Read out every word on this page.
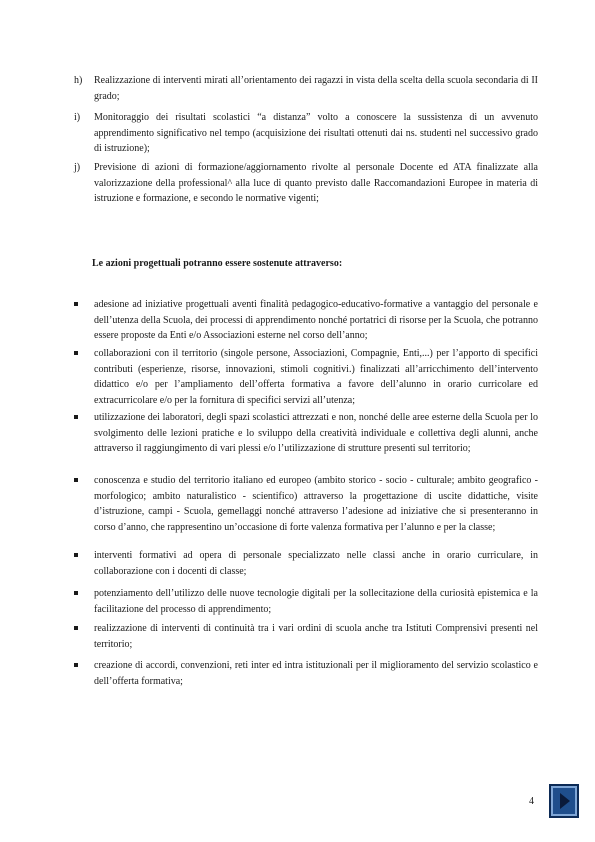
h) Realizzazione di interventi mirati all’orientamento dei ragazzi in vista della scelta della scuola secondaria di II grado;
i) Monitoraggio dei risultati scolastici “a distanza” volto a conoscere la sussistenza di un avvenuto apprendimento significativo nel tempo (acquisizione dei risultati ottenuti dai ns. studenti nel successivo grado di istruzione);
j) Previsione di azioni di formazione/aggiornamento rivolte al personale Docente ed ATA finalizzate alla valorizzazione della professional^ alla luce di quanto previsto dalle Raccomandazioni Europee in materia di istruzione e formazione, e secondo le normative vigenti;
Le azioni progettuali potranno essere sostenute attraverso:
adesione ad iniziative progettuali aventi finalità pedagogico-educativo-formative a vantaggio del personale e dell’utenza della Scuola, dei processi di apprendimento nonché portatrici di risorse per la Scuola, che potranno essere proposte da Enti e/o Associazioni esterne nel corso dell’anno;
collaborazioni con il territorio (singole persone, Associazioni, Compagnie, Enti,...) per l’apporto di specifici contributi (esperienze, risorse, innovazioni, stimoli cognitivi.) finalizzati all’arricchimento dell’intervento didattico e/o per l’ampliamento dell’offerta formativa a favore dell’alunno in orario curricolare ed extracurricolare e/o per la fornitura di specifici servizi all’utenza;
utilizzazione dei laboratori, degli spazi scolastici attrezzati e non, nonché delle aree esterne della Scuola per lo svolgimento delle lezioni pratiche e lo sviluppo della creatività individuale e collettiva degli alunni, anche attraverso il raggiungimento di vari plessi e/o l’utilizzazione di strutture presenti sul territorio;
conoscenza e studio del territorio italiano ed europeo (ambito storico - socio - culturale; ambito geografico - morfologico; ambito naturalistico - scientifico) attraverso la progettazione di uscite didattiche, visite d’istruzione, campi - Scuola, gemellaggi nonché attraverso l’adesione ad iniziative che si presenteranno in corso d’anno, che rappresentino un’occasione di forte valenza formativa per l’alunno e per la classe;
interventi formativi ad opera di personale specializzato nelle classi anche in orario curriculare, in collaborazione con i docenti di classe;
potenziamento dell’utilizzo delle nuove tecnologie digitali per la sollecitazione della curiosità epistemica e la facilitazione del processo di apprendimento;
realizzazione di interventi di continuità tra i vari ordini di scuola anche tra Istituti Comprensivi presenti nel territorio;
creazione di accordi, convenzioni, reti inter ed intra istituzionali per il miglioramento del servizio scolastico e dell’offerta formativa;
4
